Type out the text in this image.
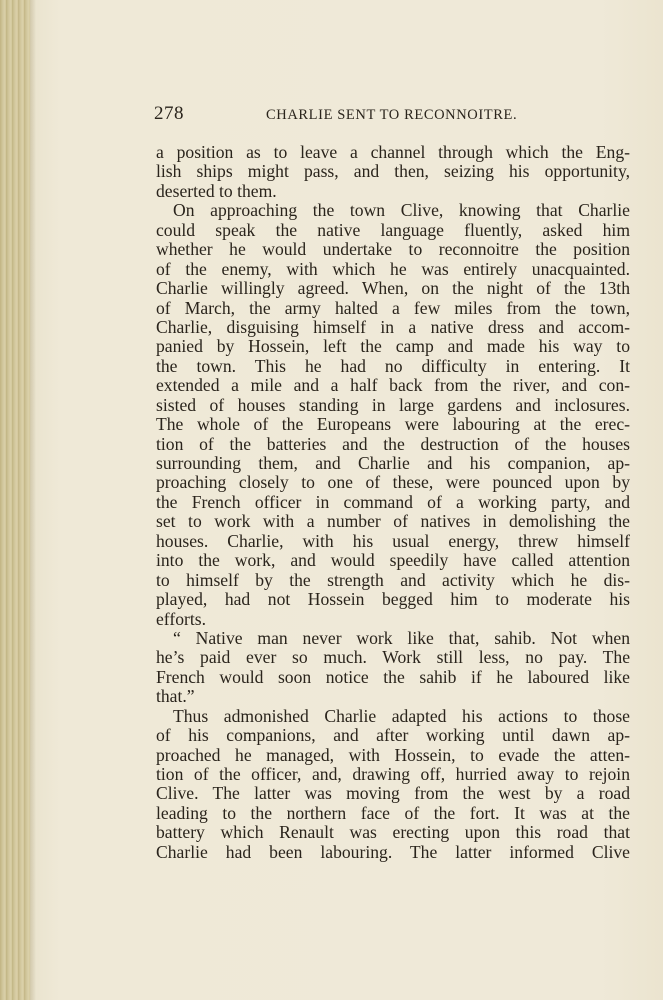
278	CHARLIE SENT TO RECONNOITRE.
a position as to leave a channel through which the Eng-
lish ships might pass, and then, seizing his opportunity,
deserted to them.
On approaching the town Clive, knowing that Charlie
could speak the native language fluently, asked him
whether he would undertake to reconnoitre the position
of the enemy, with which he was entirely unacquainted.
Charlie willingly agreed. When, on the night of the 13th
of March, the army halted a few miles from the town,
Charlie, disguising himself in a native dress and accom-
panied by Hossein, left the camp and made his way to
the town. This he had no difficulty in entering. It
extended a mile and a half back from the river, and con-
sisted of houses standing in large gardens and inclosures.
The whole of the Europeans were labouring at the erec-
tion of the batteries and the destruction of the houses
surrounding them, and Charlie and his companion, ap-
proaching closely to one of these, were pounced upon by
the French officer in command of a working party, and
set to work with a number of natives in demolishing the
houses. Charlie, with his usual energy, threw himself
into the work, and would speedily have called attention
to himself by the strength and activity which he dis-
played, had not Hossein begged him to moderate his
efforts.
“ Native man never work like that, sahib. Not when
he’s paid ever so much. Work still less, no pay. The
French would soon notice the sahib if he laboured like
that.”
Thus admonished Charlie adapted his actions to those
of his companions, and after working until dawn ap-
proached he managed, with Hossein, to evade the atten-
tion of the officer, and, drawing off, hurried away to rejoin
Clive. The latter was moving from the west by a road
leading to the northern face of the fort. It was at the
battery which Renault was erecting upon this road that
Charlie had been labouring. The latter informed Clive
